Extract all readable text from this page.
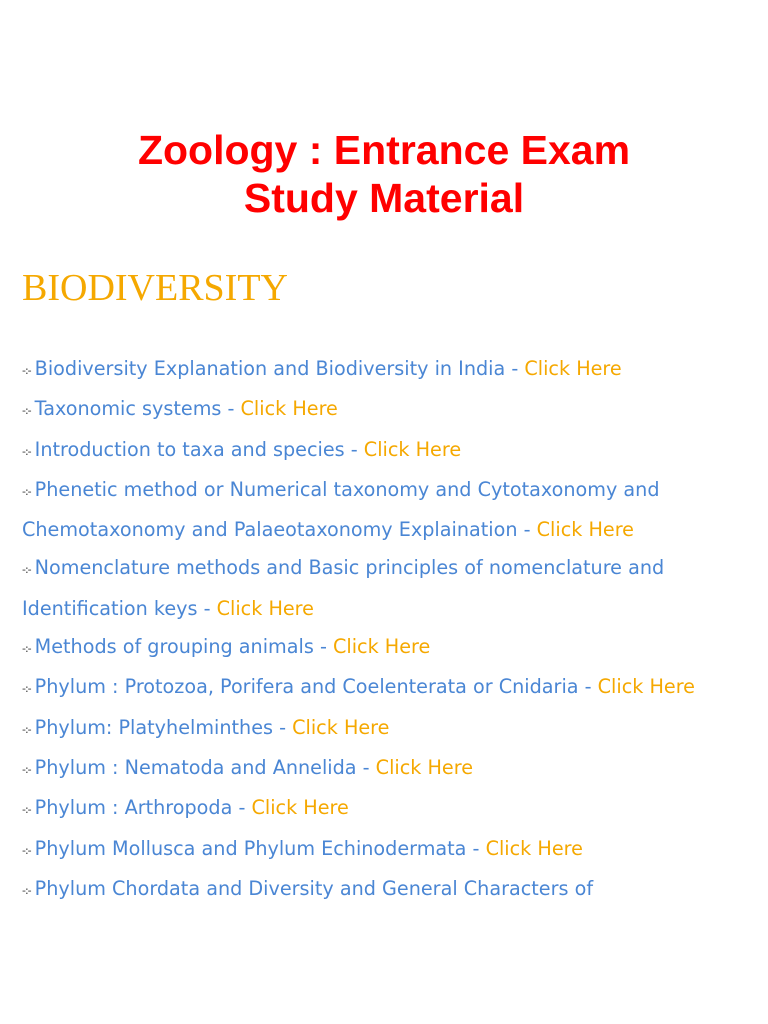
Zoology : Entrance Exam
Study Material
BIODIVERSITY
-:- Biodiversity Explanation and Biodiversity in India - Click Here
-:- Taxonomic systems - Click Here
-:- Introduction to taxa and species - Click Here
-:- Phenetic method or Numerical taxonomy and Cytotaxonomy and Chemotaxonomy and Palaeotaxonomy Explaination - Click Here
-:- Nomenclature methods and Basic principles of nomenclature and Identification keys - Click Here
-:- Methods of grouping animals - Click Here
-:- Phylum : Protozoa, Porifera and Coelenterata or Cnidaria - Click Here
-:- Phylum: Platyhelminthes - Click Here
-:- Phylum : Nematoda and Annelida - Click Here
-:- Phylum : Arthropoda - Click Here
-:- Phylum Mollusca and Phylum Echinodermata - Click Here
-:- Phylum Chordata and Diversity and General Characters of
